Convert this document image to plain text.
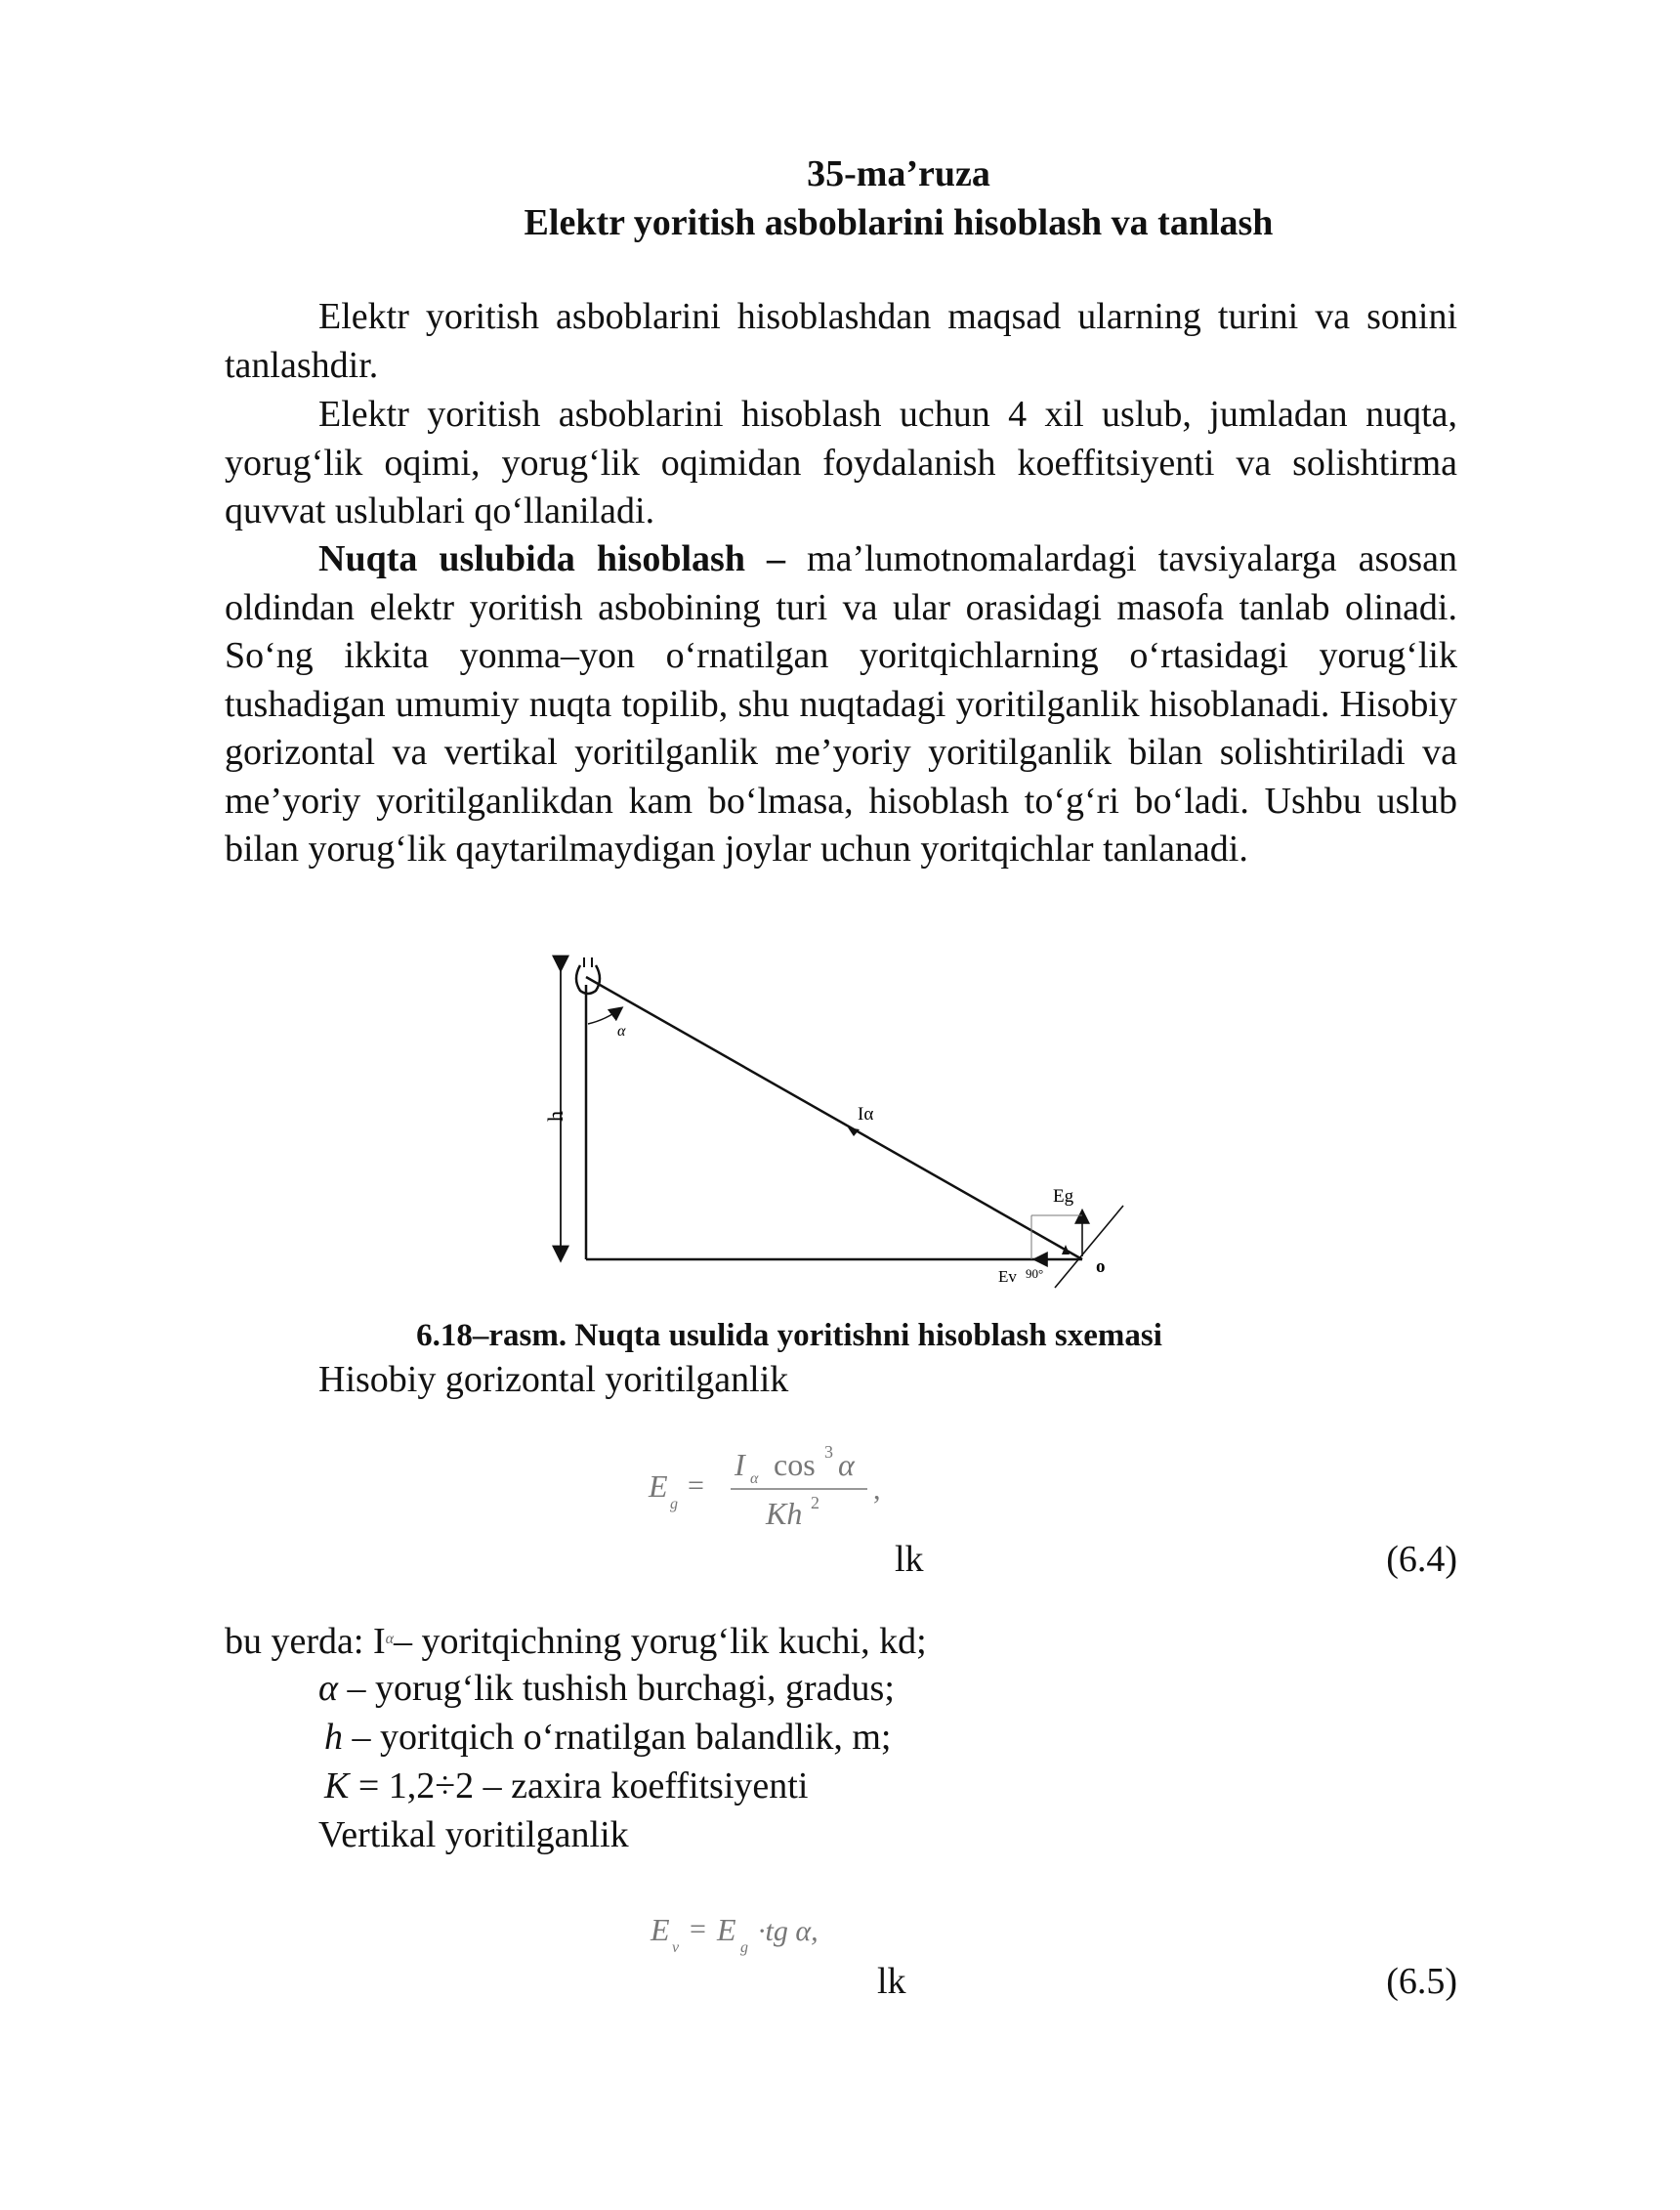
35-ma’ruza
Elektr yoritish asboblarini hisoblash va tanlash

Elektr yoritish asboblarini hisoblashdan maqsad ularning turini va sonini tanlashdir.

Elektr yoritish asboblarini hisoblash uchun 4 xil uslub, jumladan nuqta, yorug‘lik oqimi, yorug‘lik oqimidan foydalanish koeffitsiyenti va solishtirma quvvat uslublari qo‘llaniladi.

Nuqta uslubida hisoblash – ma’lumotnomalardagi tavsiyalarga asosan oldindan elektr yoritish asbobining turi va ular orasidagi masofa tanlab olinadi. So‘ng ikkita yonma–yon o‘rnatilgan yoritqichlarning o‘rtasidagi yorug‘lik tushadigan umumiy nuqta topilib, shu nuqtadagi yoritilganlik hisoblanadi. Hisobiy gorizontal va vertikal yoritilganlik me’yoriy yoritilganlik bilan solishtiriladi va me’yoriy yoritilganlikdan kam bo‘lmasa, hisoblash to‘g‘ri bo‘ladi. Ushbu uslub bilan yorug‘lik qaytarilmaydigan joylar uchun yoritqichlar tanlanadi.

h	Iα
α
Eg
Ev 90°	o
6.18–rasm. Nuqta usulida yoritishni hisoblash sxemasi
Hisobiy gorizontal yoritilganlik
E
g
=
I α cos 3 α
Kh 2 ,
lk	(6.4)
bu yerda: $I^\alpha-$ yoritqichning yorug‘lik kuchi, kd;
α – yorug‘lik tushish burchagi, gradus;
h – yoritqich o‘rnatilgan balandlik, m;
K = 1,2÷2 – zaxira koeffitsiyenti
Vertikal yoritilganlik
E
v
= E
g
·tg α,
lk	(6.5)
